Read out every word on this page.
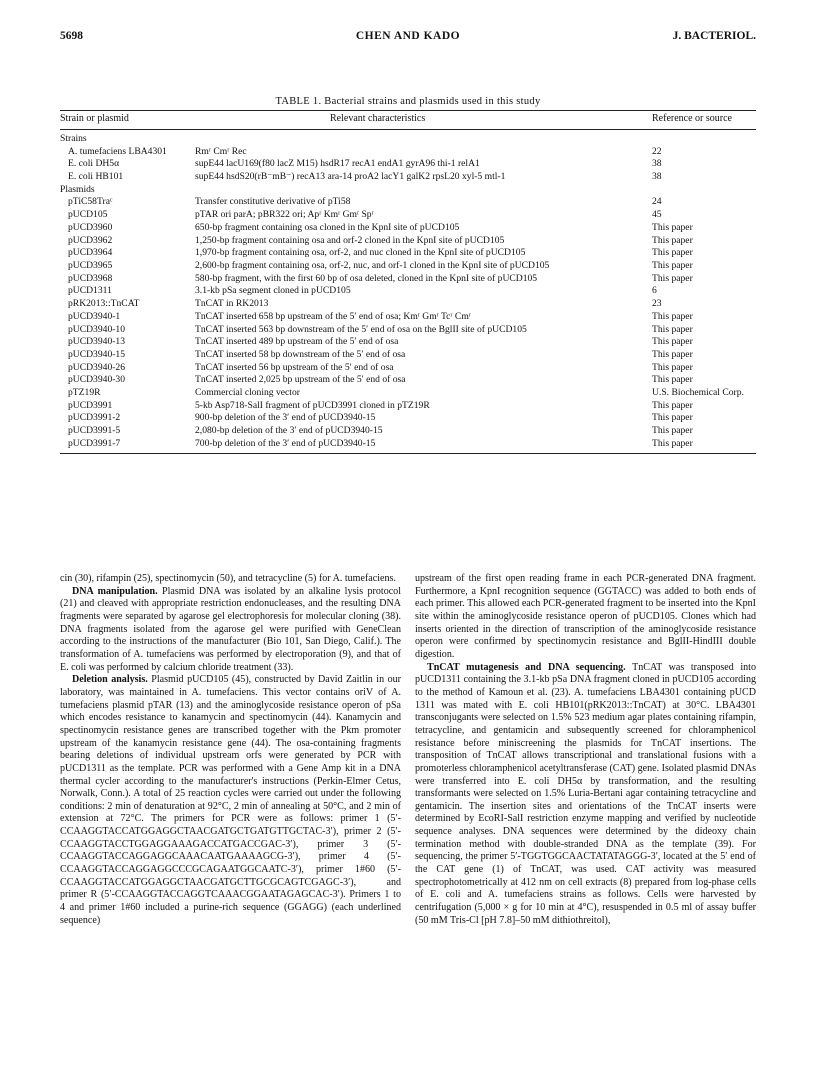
5698	CHEN AND KADO	J. BACTERIOL.
TABLE 1. Bacterial strains and plasmids used in this study
Strain or plasmid	Relevant characteristics	Reference or source
Strains
A. tumefaciens LBA4301	Rmʳ Cmʳ Rec	22
E. coli DH5α	supE44 lacU169(f80 lacZ M15) hsdR17 recA1 endA1 gyrA96 thi-1 relA1	38
E. coli HB101	supE44 hsdS20(rB⁻mB⁻) recA13 ara-14 proA2 lacY1 galK2 rpsL20 xyl-5 mtl-1	38
Plasmids
pTiC58Traᶜ	Transfer constitutive derivative of pTi58	24
pUCD105	pTAR ori parA; pBR322 ori; Apʳ Kmʳ Gmʳ Spʳ	45
pUCD3960	650-bp fragment containing osa cloned in the KpnI site of pUCD105	This paper
pUCD3962	1,250-bp fragment containing osa and orf-2 cloned in the KpnI site of pUCD105	This paper
pUCD3964	1,970-bp fragment containing osa, orf-2, and nuc cloned in the KpnI site of pUCD105	This paper
pUCD3965	2,600-bp fragment containing osa, orf-2, nuc, and orf-1 cloned in the KpnI site of pUCD105	This paper
pUCD3968	580-bp fragment, with the first 60 bp of osa deleted, cloned in the KpnI site of pUCD105	This paper
pUCD1311	3.1-kb pSa segment cloned in pUCD105	6
pRK2013::TnCAT	TnCAT in RK2013	23
pUCD3940-1	TnCAT inserted 658 bp upstream of the 5′ end of osa; Kmʳ Gmʳ Tcʳ Cmʳ	This paper
pUCD3940-10	TnCAT inserted 563 bp downstream of the 5′ end of osa on the BglII site of pUCD105	This paper
pUCD3940-13	TnCAT inserted 489 bp upstream of the 5′ end of osa	This paper
pUCD3940-15	TnCAT inserted 58 bp downstream of the 5′ end of osa	This paper
pUCD3940-26	TnCAT inserted 56 bp upstream of the 5′ end of osa	This paper
pUCD3940-30	TnCAT inserted 2,025 bp upstream of the 5′ end of osa	This paper
pTZ19R	Commercial cloning vector	U.S. Biochemical Corp.
pUCD3991	5-kb Asp718-SalI fragment of pUCD3991 cloned in pTZ19R	This paper
pUCD3991-2	900-bp deletion of the 3′ end of pUCD3940-15	This paper
pUCD3991-5	2,080-bp deletion of the 3′ end of pUCD3940-15	This paper
pUCD3991-7	700-bp deletion of the 3′ end of pUCD3940-15	This paper

cin (30), rifampin (25), spectinomycin (50), and tetracycline (5) for A. tumefaciens.

DNA manipulation. Plasmid DNA was isolated by an alkaline lysis protocol (21) and cleaved with appropriate restriction endonucleases, and the resulting DNA fragments were separated by agarose gel electrophoresis for molecular cloning (38). DNA fragments isolated from the agarose gel were purified with GeneClean according to the instructions of the manufacturer (Bio 101, San Diego, Calif.). The transformation of A. tumefaciens was performed by electroporation (9), and that of E. coli was performed by calcium chloride treatment (33).

Deletion analysis. Plasmid pUCD105 (45), constructed by David Zaitlin in our laboratory, was maintained in A. tumefaciens. This vector contains oriV of A. tumefaciens plasmid pTAR (13) and the aminoglycoside resistance operon of pSa which encodes resistance to kanamycin and spectinomycin (44). Kanamycin and spectinomycin resistance genes are transcribed together with the Pkm promoter upstream of the kanamycin resistance gene (44). The osa-containing fragments bearing deletions of individual upstream orfs were generated by PCR with pUCD1311 as the template. PCR was performed with a Gene Amp kit in a DNA thermal cycler according to the manufacturer's instructions (Perkin-Elmer Cetus, Norwalk, Conn.). A total of 25 reaction cycles were carried out under the following conditions: 2 min of denaturation at 92°C, 2 min of annealing at 50°C, and 2 min of extension at 72°C. The primers for PCR were as follows: primer 1 (5′-CCAAGGTACCATGGAGGCTAACGATGCTGATGTTGCTAC-3′), primer 2 (5′-CCAAGGTACCTGGAGGAAAGACCATGACCGAC-3′), primer 3 (5′-CCAAGGTACCAGGAGGCAAACAATGAAAAGCG-3′), primer 4 (5′-CCAAGGTACCAGGAGGCCCGCAGAATGGCAATC-3′), primer 1#60 (5′-CCAAGGTACCATGGAGGCTAACGATGCTTGCGCAGTCGAGC-3′), and primer R (5′-CCAAGGTACCAGGTCAAACGGAATAGAGCAC-3′). Primers 1 to 4 and primer 1#60 included a purine-rich sequence (GGAGG) (each underlined sequence)

upstream of the first open reading frame in each PCR-generated DNA fragment. Furthermore, a KpnI recognition sequence (GGTACC) was added to both ends of each primer. This allowed each PCR-generated fragment to be inserted into the KpnI site within the aminoglycoside resistance operon of pUCD105. Clones which had inserts oriented in the direction of transcription of the aminoglycoside resistance operon were confirmed by spectinomycin resistance and BglII-HindIII double digestion.

TnCAT mutagenesis and DNA sequencing. TnCAT was transposed into pUCD1311 containing the 3.1-kb pSa DNA fragment cloned in pUCD105 according to the method of Kamoun et al. (23). A. tumefaciens LBA4301 containing pUCD 1311 was mated with E. coli HB101(pRK2013::TnCAT) at 30°C. LBA4301 transconjugants were selected on 1.5% 523 medium agar plates containing rifampin, tetracycline, and gentamicin and subsequently screened for chloramphenicol resistance before miniscreening the plasmids for TnCAT insertions. The transposition of TnCAT allows transcriptional and translational fusions with a promoterless chloramphenicol acetyltransferase (CAT) gene. Isolated plasmid DNAs were transferred into E. coli DH5α by transformation, and the resulting transformants were selected on 1.5% Luria-Bertani agar containing tetracycline and gentamicin. The insertion sites and orientations of the TnCAT inserts were determined by EcoRI-SalI restriction enzyme mapping and verified by nucleotide sequence analyses. DNA sequences were determined by the dideoxy chain termination method with double-stranded DNA as the template (39). For sequencing, the primer 5′-TGGTGGCAACTATATAGGG-3′, located at the 5′ end of the CAT gene (1) of TnCAT, was used. CAT activity was measured spectrophotometrically at 412 nm on cell extracts (8) prepared from log-phase cells of E. coli and A. tumefaciens strains as follows. Cells were harvested by centrifugation (5,000 × g for 10 min at 4°C), resuspended in 0.5 ml of assay buffer (50 mM Tris-Cl [pH 7.8]–50 mM dithiothreitol),
